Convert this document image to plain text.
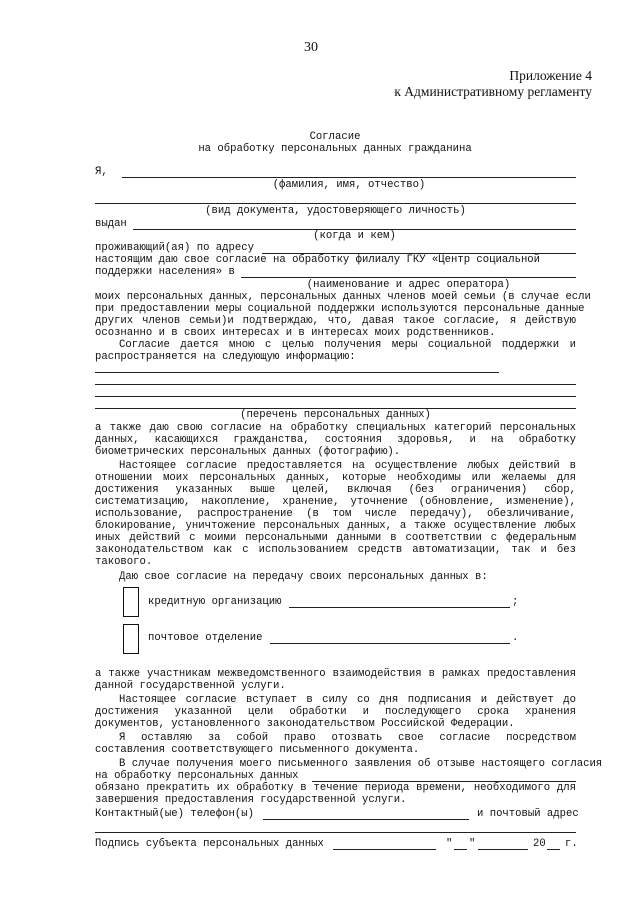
30
Приложение 4
к Административному регламенту
Согласие
на обработку персональных данных гражданина
Я,
(фамилия, имя, отчество)
(вид документа, удостоверяющего личность)
выдан
(когда и кем)
проживающий(ая) по адресу
настоящим даю свое согласие на обработку филиалу ГКУ «Центр социальной
поддержки населения» в
(наименование и адрес оператора)
моих персональных данных, персональных данных членов моей семьи (в случае если
при предоставлении меры социальной поддержки используются персональные данные
других членов семьи)и подтверждаю, что, давая такое согласие, я действую
осознанно и в своих интересах и в интересах моих родственников.
Согласие дается мною с целью получения меры социальной поддержки и
распространяется на следующую информацию:
(перечень персональных данных)
а также даю свою согласие на обработку специальных категорий персональных
данных, касающихся гражданства, состояния здоровья, и на обработку
биометрических персональных данных (фотографию).
Настоящее согласие предоставляется на осуществление любых действий в
отношении моих персональных данных, которые необходимы или желаемы для
достижения указанных выше целей, включая (без ограничения) сбор,
систематизацию, накопление, хранение, уточнение (обновление, изменение),
использование, распространение (в том числе передачу), обезличивание,
блокирование, уничтожение персональных данных, а также осуществление любых
иных действий с моими персональными данными в соответствии с федеральным
законодательством как с использованием средств автоматизации, так и без
такового.
Даю свое согласие на передачу своих персональных данных в:
кредитную организацию	;
почтовое отделение	.
а также участникам межведомственного взаимодействия в рамках предоставления
данной государственной услуги.
Настоящее согласие вступает в силу со дня подписания и действует до
достижения указанной цели обработки и последующего срока хранения
документов, установленного законодательством Российской Федерации.
Я оставляю за собой право отозвать свое согласие посредством
составления соответствующего письменного документа.
В случае получения моего письменного заявления об отзыве настоящего согласия
на обработку персональных данных
обязано прекратить их обработку в течение периода времени, необходимого для
завершения предоставления государственной услуги.
Контактный(ые) телефон(ы)	и почтовый адрес
Подпись субъекта персональных данных	" "	20 г.
